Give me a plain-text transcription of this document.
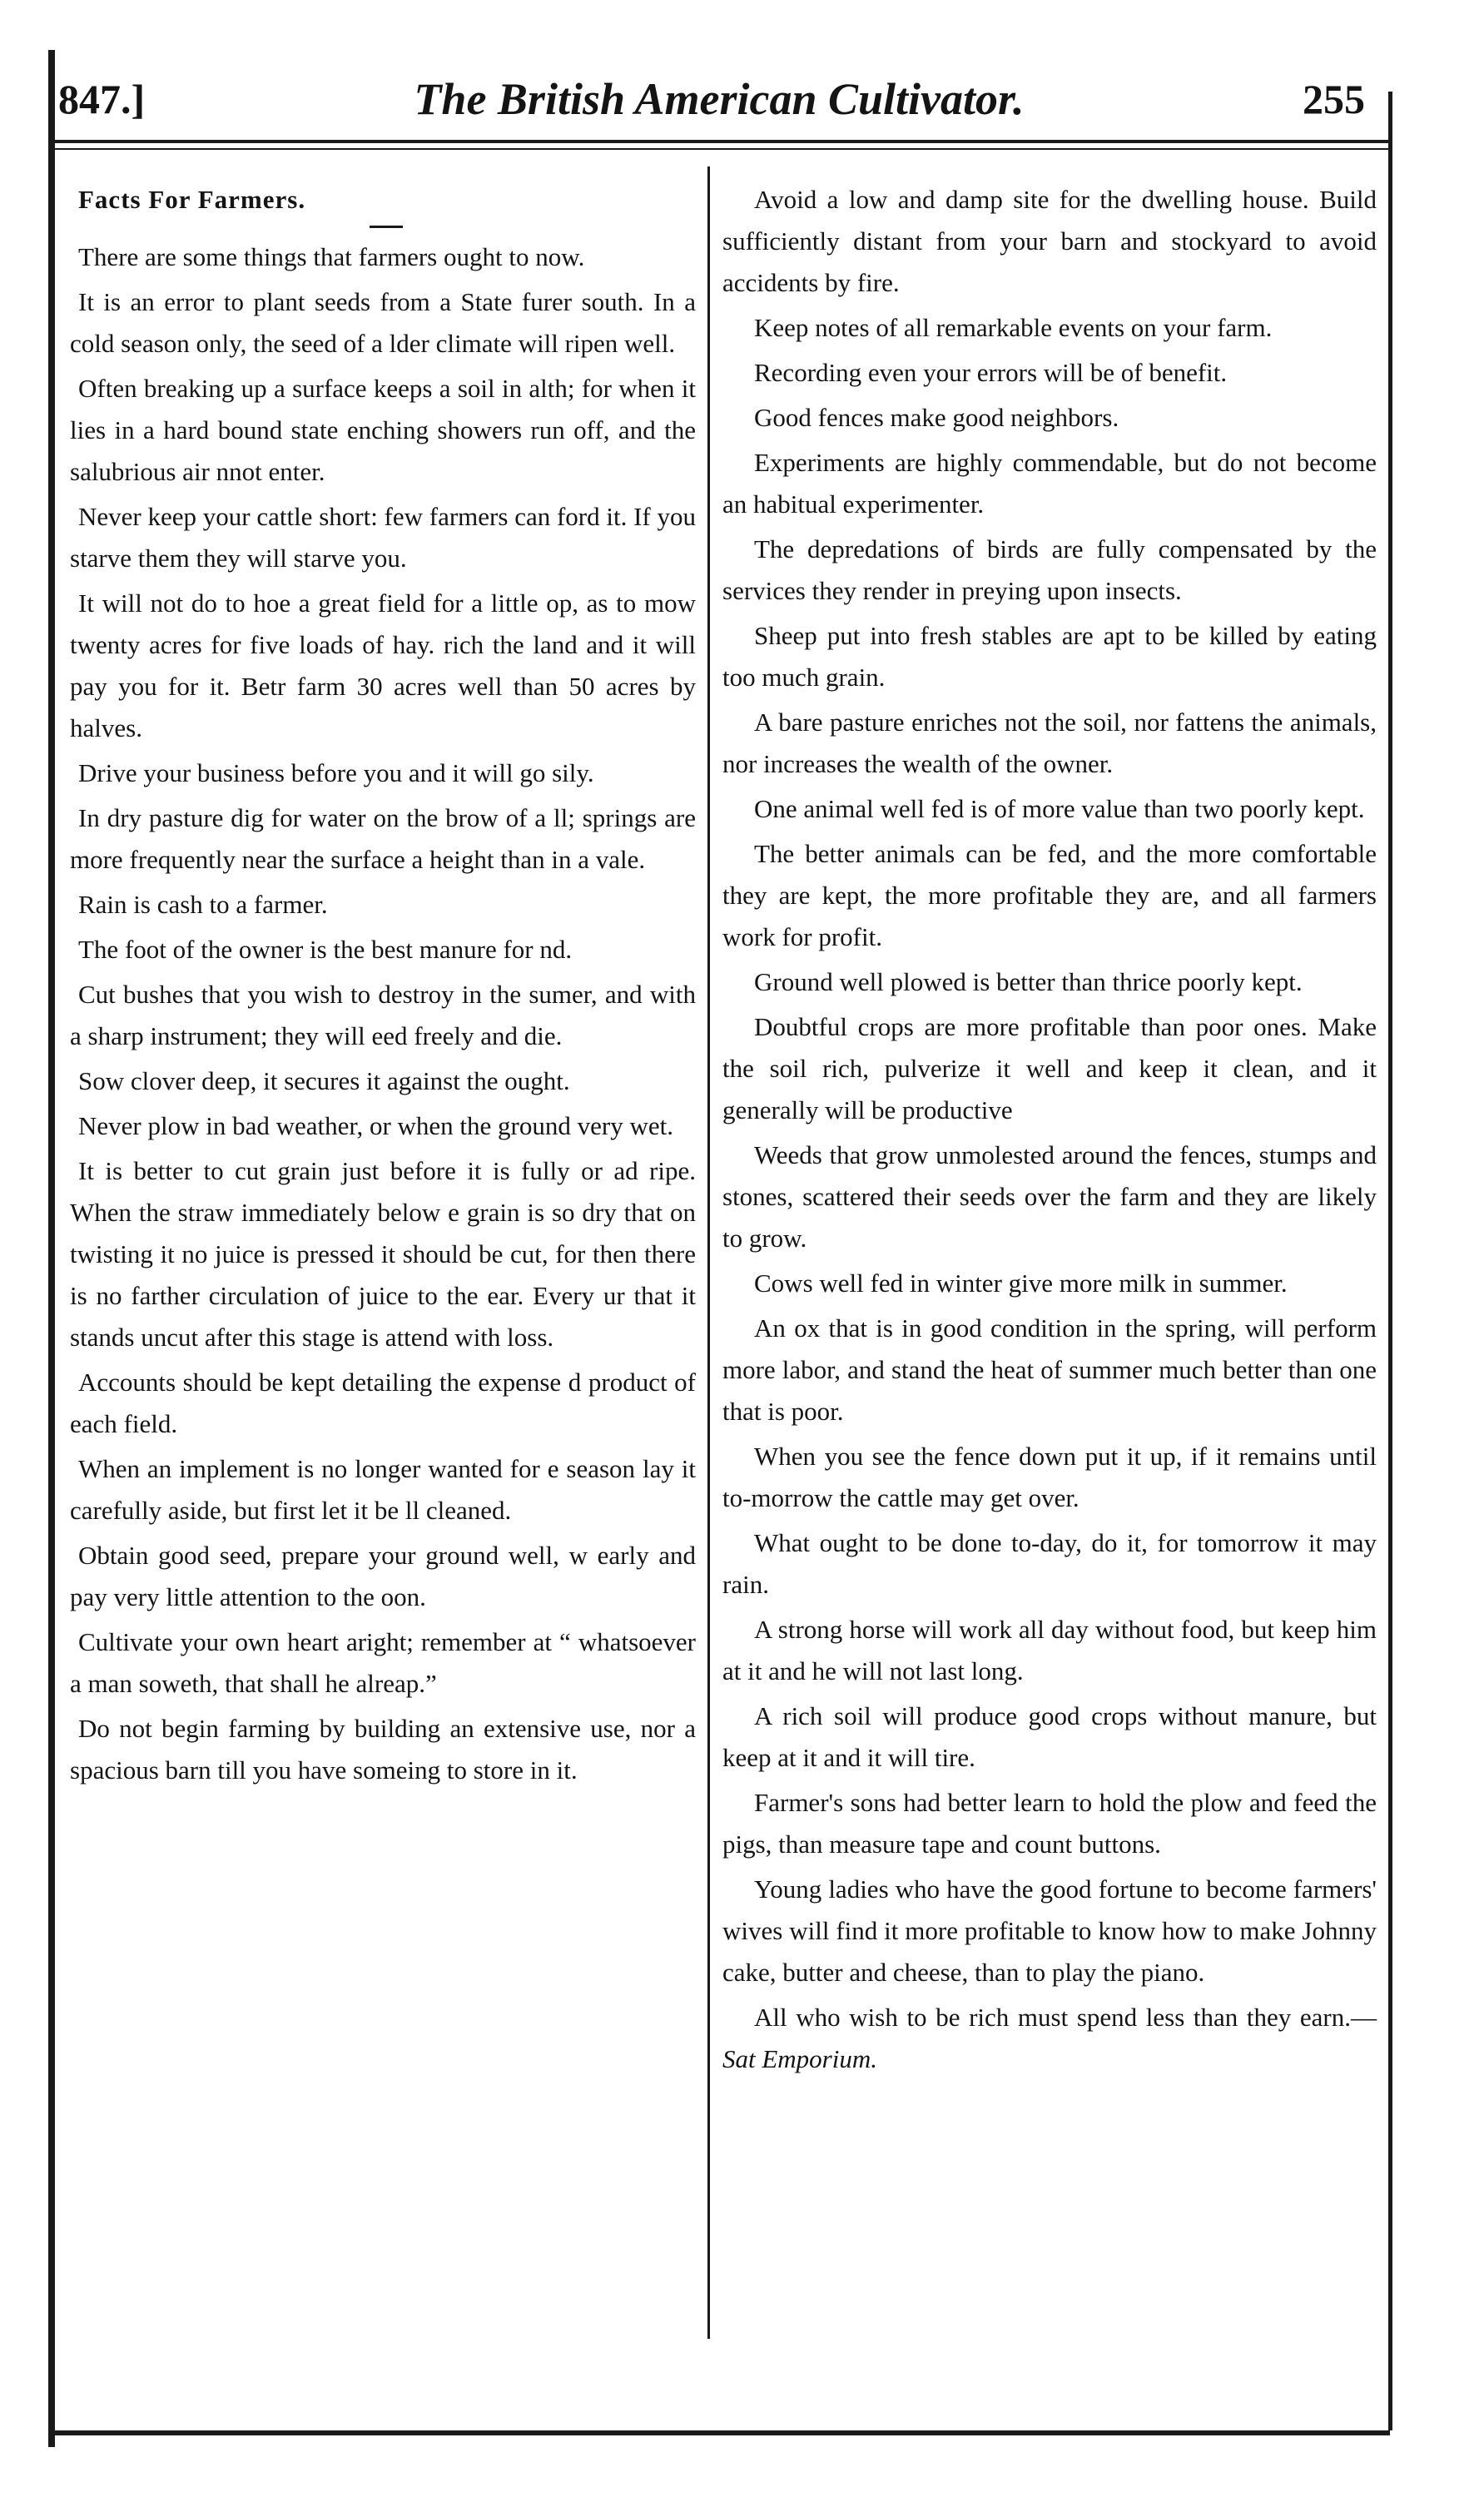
847.]	The British American Cultivator.	255

Facts For Farmers.

There are some things that farmers ought to now.

It is an error to plant seeds from a State furer south. In a cold season only, the seed of a lder climate will ripen well.

Often breaking up a surface keeps a soil in alth; for when it lies in a hard bound state enching showers run off, and the salubrious air nnot enter.

Never keep your cattle short: few farmers can ford it. If you starve them they will starve you.

It will not do to hoe a great field for a little op, as to mow twenty acres for five loads of hay. rich the land and it will pay you for it. Betr farm 30 acres well than 50 acres by halves.

Drive your business before you and it will go sily.

In dry pasture dig for water on the brow of a ll; springs are more frequently near the surface a height than in a vale.

Rain is cash to a farmer.

The foot of the owner is the best manure for nd.

Cut bushes that you wish to destroy in the sumer, and with a sharp instrument; they will eed freely and die.

Sow clover deep, it secures it against the ought.

Never plow in bad weather, or when the ground very wet.

It is better to cut grain just before it is fully or ad ripe. When the straw immediately below e grain is so dry that on twisting it no juice is pressed it should be cut, for then there is no farther circulation of juice to the ear. Every ur that it stands uncut after this stage is attend with loss.

Accounts should be kept detailing the expense d product of each field.

When an implement is no longer wanted for e season lay it carefully aside, but first let it be ll cleaned.

Obtain good seed, prepare your ground well, w early and pay very little attention to the oon.

Cultivate your own heart aright; remember at “ whatsoever a man soweth, that shall he alreap.”

Do not begin farming by building an extensive use, nor a spacious barn till you have someing to store in it.

Avoid a low and damp site for the dwelling house. Build sufficiently distant from your barn and stockyard to avoid accidents by fire.

Keep notes of all remarkable events on your farm.

Recording even your errors will be of benefit.

Good fences make good neighbors.

Experiments are highly commendable, but do not become an habitual experimenter.

The depredations of birds are fully compensated by the services they render in preying upon insects.

Sheep put into fresh stables are apt to be killed by eating too much grain.

A bare pasture enriches not the soil, nor fattens the animals, nor increases the wealth of the owner.

One animal well fed is of more value than two poorly kept.

The better animals can be fed, and the more comfortable they are kept, the more profitable they are, and all farmers work for profit.

Ground well plowed is better than thrice poorly kept.

Doubtful crops are more profitable than poor ones. Make the soil rich, pulverize it well and keep it clean, and it generally will be productive

Weeds that grow unmolested around the fences, stumps and stones, scattered their seeds over the farm and they are likely to grow.

Cows well fed in winter give more milk in summer.

An ox that is in good condition in the spring, will perform more labor, and stand the heat of summer much better than one that is poor.

When you see the fence down put it up, if it remains until to-morrow the cattle may get over.

What ought to be done to-day, do it, for tomorrow it may rain.

A strong horse will work all day without food, but keep him at it and he will not last long.

A rich soil will produce good crops without manure, but keep at it and it will tire.

Farmer's sons had better learn to hold the plow and feed the pigs, than measure tape and count buttons.

Young ladies who have the good fortune to become farmers' wives will find it more profitable to know how to make Johnny cake, butter and cheese, than to play the piano.

All who wish to be rich must spend less than they earn.—Sat Emporium.
